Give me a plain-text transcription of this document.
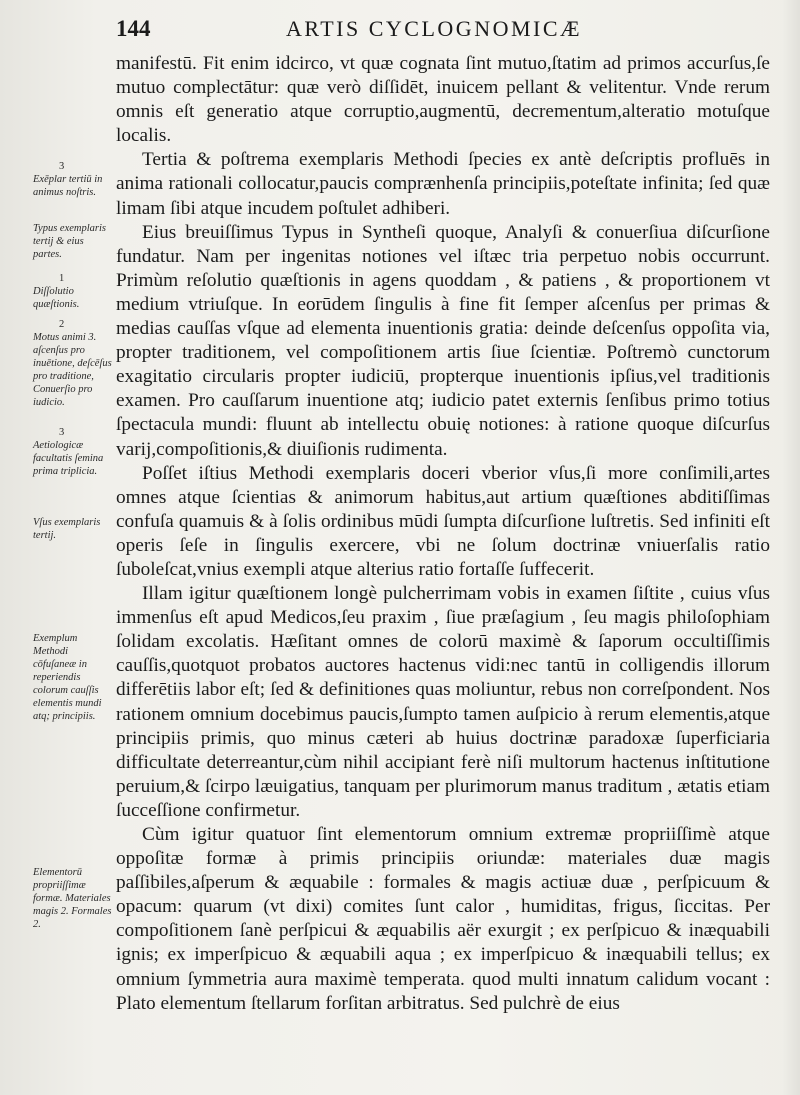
144	ARTIS CYCLOGNOMICÆ

manifestū. Fit enim idcirco, vt quæ cognata ſint mutuo,ſtatim ad primos accurſus,ſe mutuo complectātur: quæ verò diſſidēt, inuicem pellant & velitentur. Vnde rerum omnis eſt generatio atque corruptio,augmentū, decrementum,alteratio motuſque localis.

Tertia & poſtrema exemplaris Methodi ſpecies ex antè deſcriptis profluēs in anima rationali collocatur,paucis comprænhenſa principiis,poteſtate infinita; ſed quæ limam ſibi atque incudem poſtulet adhiberi.

Eius breuiſſimus Typus in Syntheſi quoque, Analyſi & conuerſiua diſcurſione fundatur. Nam per ingenitas notiones vel iſtæc tria perpetuo nobis occurrunt. Primùm reſolutio quæſtionis in agens quoddam , & patiens , & proportionem vt medium vtriuſque. In eorūdem ſingulis à fine fit ſemper aſcenſus per primas & medias cauſſas vſque ad elementa inuentionis gratia: deinde deſcenſus oppoſita via, propter traditionem, vel compoſitionem artis ſiue ſcientiæ. Poſtremò cunctorum exagitatio circularis propter iudiciū, propterque inuentionis ipſius,vel traditionis examen. Pro cauſſarum inuentione atq; iudicio patet externis ſenſibus primo totius ſpectacula mundi: fluunt ab intellectu obuię notiones: à ratione quoque diſcurſus varij,compoſitionis,& diuiſionis rudimenta.

Poſſet iſtius Methodi exemplaris doceri vberior vſus,ſi more conſimili,artes omnes atque ſcientias & animorum habitus,aut artium quæſtiones abditiſſimas confuſa quamuis & à ſolis ordinibus mūdi ſumpta diſcurſione luſtretis. Sed infiniti eſt operis ſeſe in ſingulis exercere, vbi ne ſolum doctrinæ vniuerſalis ratio ſuboleſcat,vnius exempli atque alterius ratio fortaſſe ſuffecerit.

Illam igitur quæſtionem longè pulcherrimam vobis in examen ſiſtite , cuius vſus immenſus eſt apud Medicos,ſeu praxim , ſiue præſagium , ſeu magis philoſophiam ſolidam excolatis. Hæſitant omnes de colorū maximè & ſaporum occultiſſimis cauſſis,quotquot probatos auctores hactenus vidi:nec tantū in colligendis illorum differētiis labor eſt; ſed & definitiones quas moliuntur, rebus non correſpondent. Nos rationem omnium docebimus paucis,ſumpto tamen auſpicio à rerum elementis,atque principiis primis, quo minus cæteri ab huius doctrinæ paradoxæ ſuperficiaria difficultate deterreantur,cùm nihil accipiant ferè niſi multorum hactenus inſtitutione peruium,& ſcirpo læuigatius, tanquam per plurimorum manus traditum , ætatis etiam ſucceſſione confirmetur.

Cùm igitur quatuor ſint elementorum omnium extremæ propriiſſimè atque oppoſitæ formæ à primis principiis oriundæ: materiales duæ magis paſſibiles,aſperum & æquabile : formales & magis actiuæ duæ , perſpicuum & opacum: quarum (vt dixi) comites ſunt calor , humiditas, frigus, ſiccitas. Per compoſitionem ſanè perſpicui & æquabilis aër exurgit ; ex perſpicuo & inæquabili ignis; ex imperſpicuo & æquabili aqua ; ex imperſpicuo & inæquabili tellus; ex omnium ſymmetria aura maximè temperata. quod multi innatum calidum vocant : Plato elementum ſtellarum forſitan arbitratus. Sed pulchrè de eius

3
Exēplar tertiū in animus noſtris.
Typus exemplaris tertij & eius partes.
1
Diſſolutio quæſtionis.
2
Motus animi 3. aſcenſus pro inuētione, deſcēſus pro traditione, Conuerſio pro iudicio.
3
Aetiologicæ facultatis ſemina prima triplicia.
Vſus exemplaris tertij.
Exemplum Methodi cōfuſaneæ in reperiendis colorum cauſſis elementis mundi atq; principiis.
Elementorū propriiſſimæ formæ. Materiales magis 2. Formales 2.
